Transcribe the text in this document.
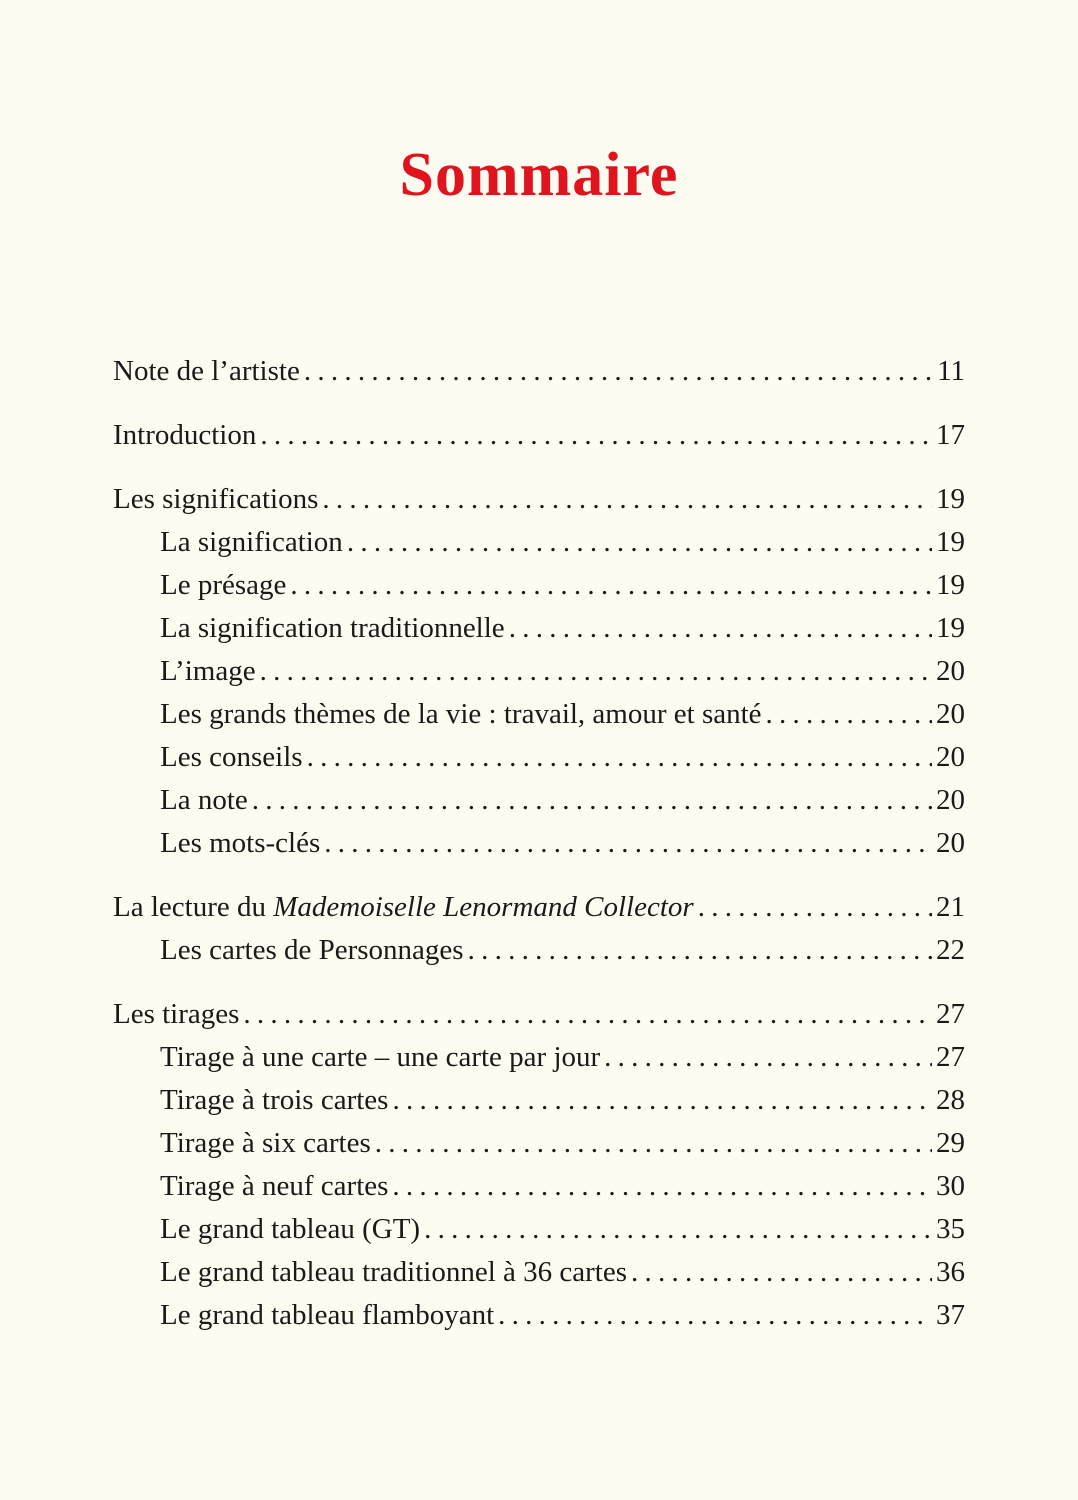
Sommaire
Note de l’artiste . . .	11
Introduction . . .	17
Les significations . . .	19
La signification . . .	19
Le présage . . .	19
La signification traditionnelle . . .	19
L’image . . .	20
Les grands thèmes de la vie : travail, amour et santé . . .	20
Les conseils . . .	20
La note . . .	20
Les mots-clés . . .	20
La lecture du Mademoiselle Lenormand Collector . . .	21
Les cartes de Personnages . . .	22
Les tirages . . .	27
Tirage à une carte – une carte par jour . . .	27
Tirage à trois cartes . . .	28
Tirage à six cartes . . .	29
Tirage à neuf cartes . . .	30
Le grand tableau (GT) . . .	35
Le grand tableau traditionnel à 36 cartes . . .	36
Le grand tableau flamboyant . . .	37
